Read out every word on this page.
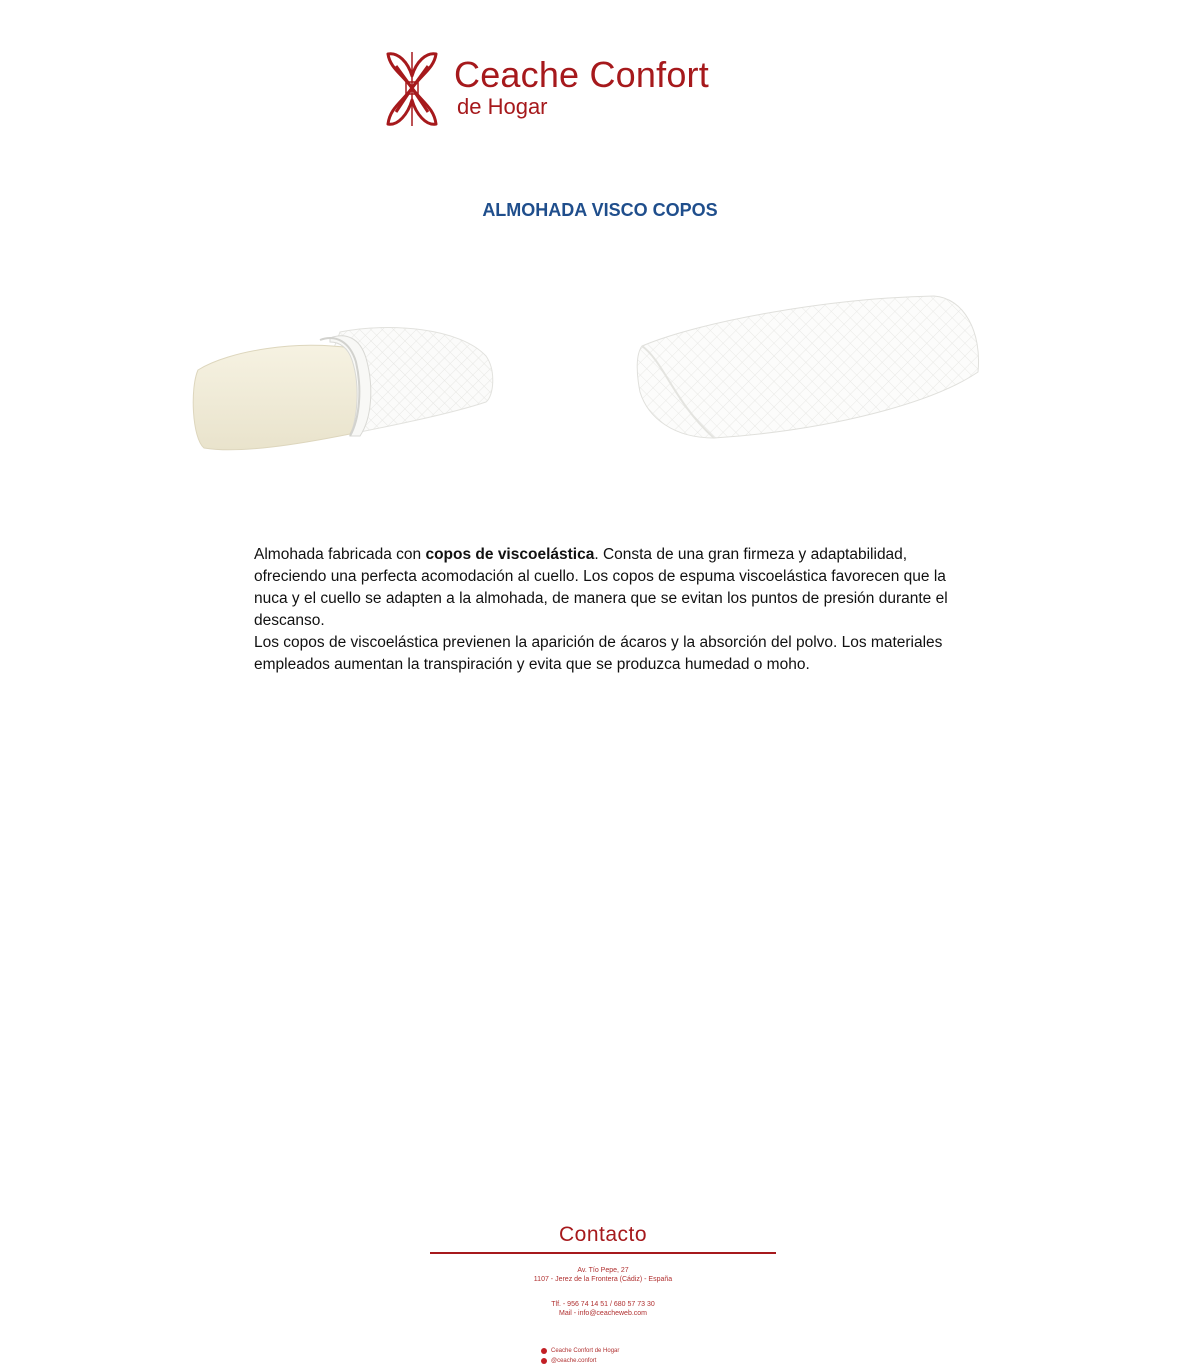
Ceache Confort
de Hogar
ALMOHADA VISCO COPOS

Almohada fabricada con copos de viscoelástica. Consta de una gran firmeza y adaptabilidad, ofreciendo una perfecta acomodación al cuello. Los copos de espuma viscoelástica favorecen que la nuca y el cuello se adapten a la almohada, de manera que se evitan los puntos de presión durante el descanso.

Los copos de viscoelástica previenen la aparición de ácaros y la absorción del polvo. Los materiales empleados aumentan la transpiración y evita que se produzca humedad o moho.

Contacto
Av. Tío Pepe, 27
1107 - Jerez de la Frontera (Cádiz) - España
Tlf. - 956 74 14 51 / 680 57 73 30
Mail - info@ceacheweb.com
Ceache Confort de Hogar
@ceache.confort
